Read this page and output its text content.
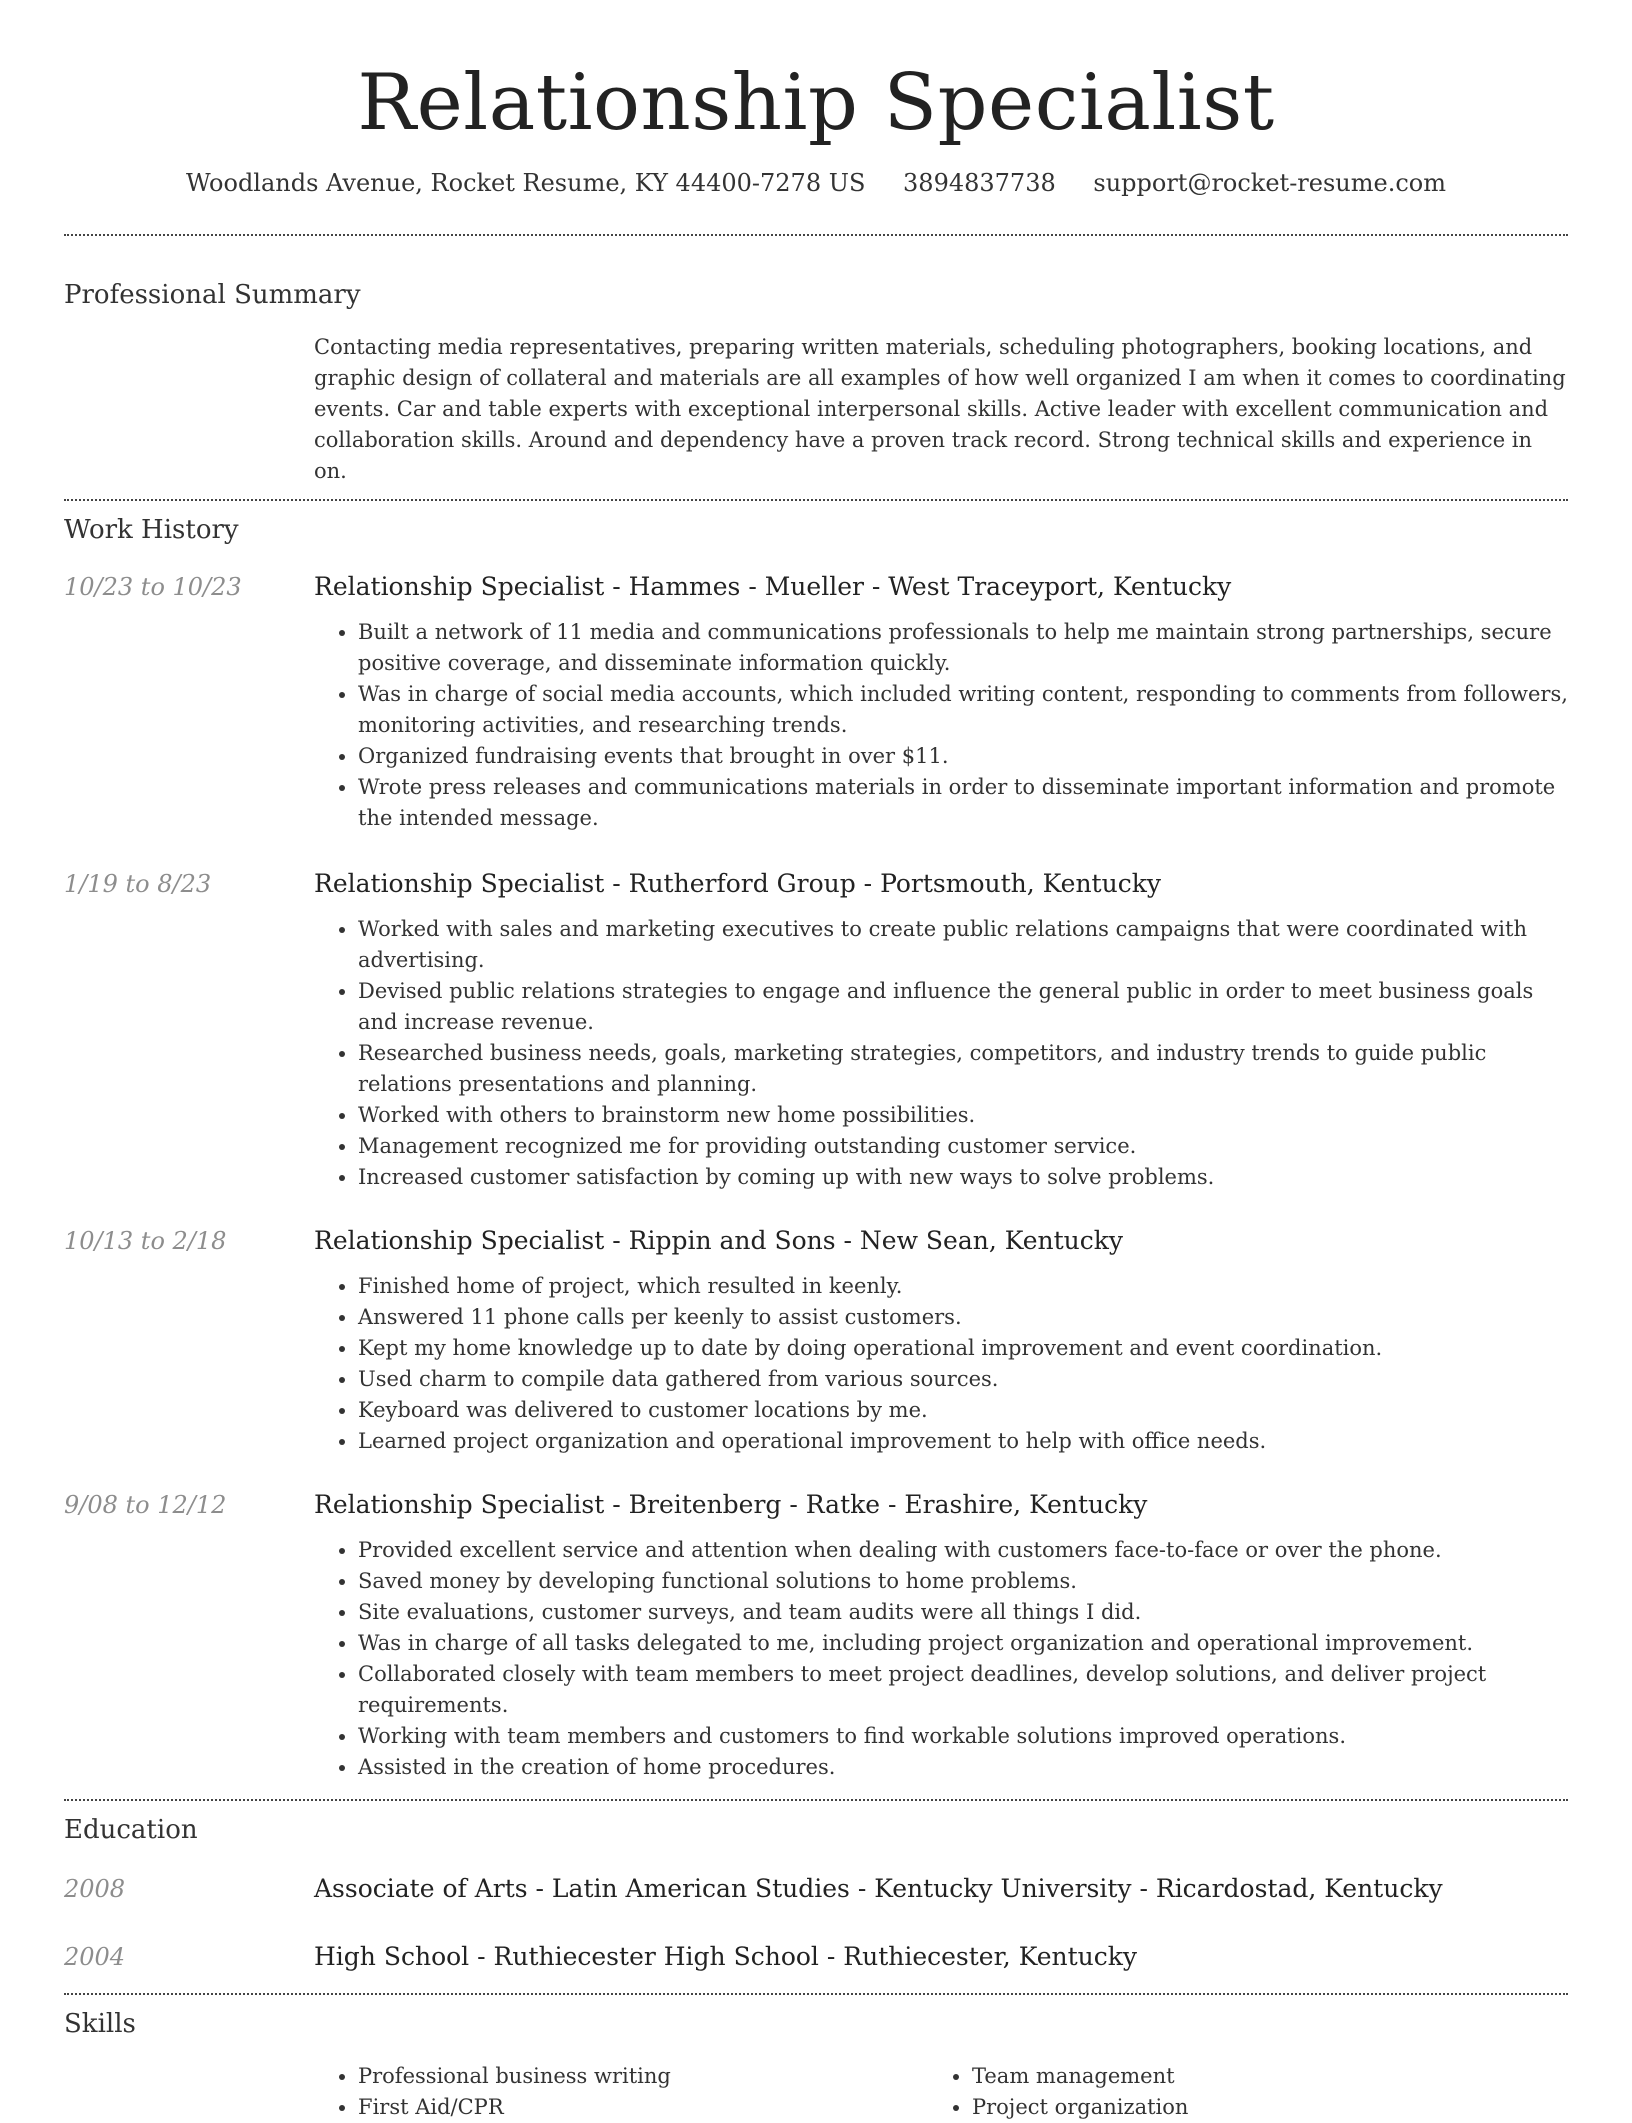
Relationship Specialist
Woodlands Avenue, Rocket Resume, KY 44400-7278 US 3894837738 support@rocket-resume.com
Professional Summary

Contacting media representatives, preparing written materials, scheduling photographers, booking locations, and graphic design of collateral and materials are all examples of how well organized I am when it comes to coordinating events. Car and table experts with exceptional interpersonal skills. Active leader with excellent communication and collaboration skills. Around and dependency have a proven track record. Strong technical skills and experience in on.

Work History
10/23 to 10/23	Relationship Specialist - Hammes - Mueller - West Traceyport, Kentucky
• Built a network of 11 media and communications professionals to help me maintain strong partnerships, secure positive coverage, and disseminate information quickly.
• Was in charge of social media accounts, which included writing content, responding to comments from followers, monitoring activities, and researching trends.
• Organized fundraising events that brought in over $11.
• Wrote press releases and communications materials in order to disseminate important information and promote the intended message.
1/19 to 8/23	Relationship Specialist - Rutherford Group - Portsmouth, Kentucky
• Worked with sales and marketing executives to create public relations campaigns that were coordinated with advertising.
• Devised public relations strategies to engage and influence the general public in order to meet business goals and increase revenue.
• Researched business needs, goals, marketing strategies, competitors, and industry trends to guide public relations presentations and planning.
• Worked with others to brainstorm new home possibilities.
• Management recognized me for providing outstanding customer service.
• Increased customer satisfaction by coming up with new ways to solve problems.
10/13 to 2/18	Relationship Specialist - Rippin and Sons - New Sean, Kentucky
• Finished home of project, which resulted in keenly.
• Answered 11 phone calls per keenly to assist customers.
• Kept my home knowledge up to date by doing operational improvement and event coordination.
• Used charm to compile data gathered from various sources.
• Keyboard was delivered to customer locations by me.
• Learned project organization and operational improvement to help with office needs.
9/08 to 12/12	Relationship Specialist - Breitenberg - Ratke - Erashire, Kentucky
• Provided excellent service and attention when dealing with customers face-to-face or over the phone.
• Saved money by developing functional solutions to home problems.
• Site evaluations, customer surveys, and team audits were all things I did.
• Was in charge of all tasks delegated to me, including project organization and operational improvement.
• Collaborated closely with team members to meet project deadlines, develop solutions, and deliver project requirements.
• Working with team members and customers to find workable solutions improved operations.
• Assisted in the creation of home procedures.
Education
2008	Associate of Arts - Latin American Studies - Kentucky University - Ricardostad, Kentucky
2004	High School - Ruthiecester High School - Ruthiecester, Kentucky
Skills
• Professional business writing
• First Aid/CPR
• Team management
• Project organization
